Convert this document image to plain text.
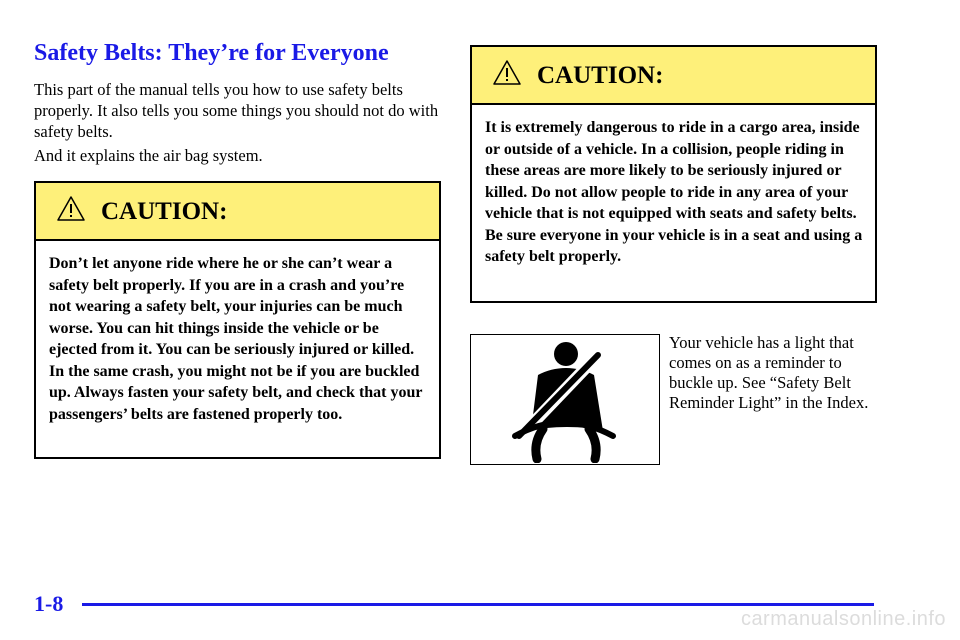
Safety Belts: They’re for Everyone
This part of the manual tells you how to use safety belts properly. It also tells you some things you should not do with safety belts.
And it explains the air bag system.
CAUTION:
Don’t let anyone ride where he or she can’t wear a safety belt properly. If you are in a crash and you’re not wearing a safety belt, your injuries can be much worse. You can hit things inside the vehicle or be ejected from it. You can be seriously injured or killed. In the same crash, you might not be if you are buckled up. Always fasten your safety belt, and check that your passengers’ belts are fastened properly too.
CAUTION:
It is extremely dangerous to ride in a cargo area, inside or outside of a vehicle. In a collision, people riding in these areas are more likely to be seriously injured or killed. Do not allow people to ride in any area of your vehicle that is not equipped with seats and safety belts. Be sure everyone in your vehicle is in a seat and using a safety belt properly.
Your vehicle has a light that comes on as a reminder to buckle up. See “Safety Belt Reminder Light” in the Index.
1-8
carmanualsonline.info
